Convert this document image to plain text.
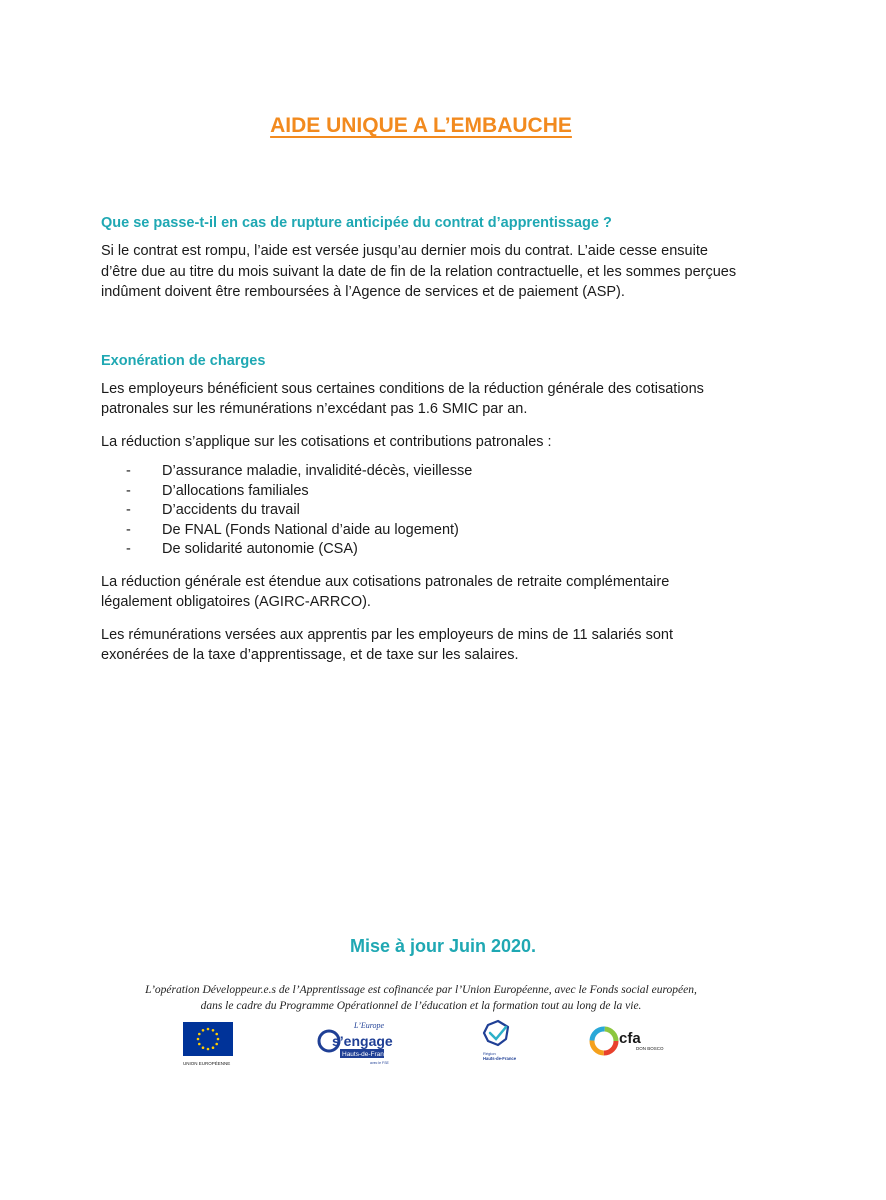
AIDE UNIQUE A L’EMBAUCHE
Que se passe-t-il en cas de rupture anticipée du contrat d’apprentissage ?
Si le contrat est rompu, l’aide est versée jusqu’au dernier mois du contrat. L’aide cesse ensuite d’être due au titre du mois suivant la date de fin de la relation contractuelle, et les sommes perçues indûment doivent être remboursées à l’Agence de services et de paiement (ASP).
Exonération de charges
Les employeurs bénéficient sous certaines conditions de la réduction générale des cotisations patronales sur les rémunérations n’excédant pas 1.6 SMIC par an.
La réduction s’applique sur les cotisations et contributions patronales :
-	D’assurance maladie, invalidité-décès, vieillesse
-	D’allocations familiales
-	D’accidents du travail
-	De FNAL (Fonds National d’aide au logement)
-	De solidarité autonomie (CSA)
La réduction générale est étendue aux cotisations patronales de retraite complémentaire légalement obligatoires (AGIRC-ARRCO).
Les rémunérations versées aux apprentis par les employeurs de mins de 11 salariés sont exonérées de la taxe d’apprentissage, et de taxe sur les salaires.
Mise à jour Juin 2020.
L’opération Développeur.e.s de l’Apprentissage est cofinancée par l’Union Européenne, avec le Fonds social européen,
dans le cadre du Programme Opérationnel de l’éducation et la formation tout au long de la vie.
UNION EUROPÉENNE
L’Europe
s’engage
Hauts-de-France
avec le FSE
Région
Hauts-de-France
cfa
DON BOSCO
